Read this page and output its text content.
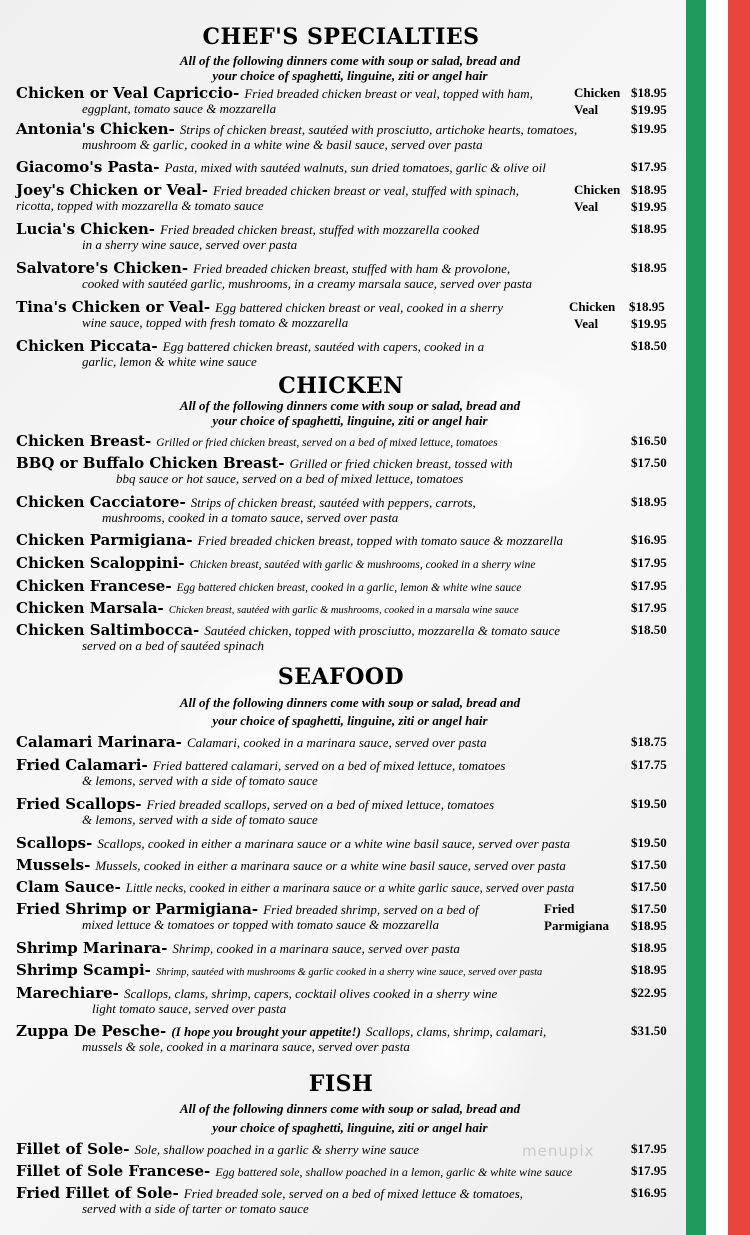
CHEF'S SPECIALTIES
All of the following dinners come with soup or salad, bread and
your choice of spaghetti, linguine, ziti or angel hair
Chicken or Veal Capriccio- Fried breaded chicken breast or veal, topped with ham,
eggplant, tomato sauce & mozzarella
Chicken $18.95
Veal	$19.95
Antonia's Chicken- Strips of chicken breast, sautéed with prosciutto, artichoke hearts, tomatoes,
mushroom & garlic, cooked in a white wine & basil sauce, served over pasta
$19.95
Giacomo's Pasta- Pasta, mixed with sautéed walnuts, sun dried tomatoes, garlic & olive oil	$17.95
Joey's Chicken or Veal- Fried breaded chicken breast or veal, stuffed with spinach,
ricotta, topped with mozzarella & tomato sauce
Chicken $18.95
Veal	$19.95
Lucia's Chicken- Fried breaded chicken breast, stuffed with mozzarella cooked
in a sherry wine sauce, served over pasta
$18.95
Salvatore's Chicken- Fried breaded chicken breast, stuffed with ham & provolone,
cooked with sautéed garlic, mushrooms, in a creamy marsala sauce, served over pasta
$18.95
Tina's Chicken or Veal- Egg battered chicken breast or veal, cooked in a sherry
wine sauce, topped with fresh tomato & mozzarella
Chicken $18.95
Veal	$19.95
Chicken Piccata- Egg battered chicken breast, sautéed with capers, cooked in a
garlic, lemon & white wine sauce
$18.50
CHICKEN
All of the following dinners come with soup or salad, bread and
your choice of spaghetti, linguine, ziti or angel hair
Chicken Breast- Grilled or fried chicken breast, served on a bed of mixed lettuce, tomatoes	$16.50
BBQ or Buffalo Chicken Breast- Grilled or fried chicken breast, tossed with
bbq sauce or hot sauce, served on a bed of mixed lettuce, tomatoes
$17.50
Chicken Cacciatore- Strips of chicken breast, sautéed with peppers, carrots,
mushrooms, cooked in a tomato sauce, served over pasta
$18.95
Chicken Parmigiana- Fried breaded chicken breast, topped with tomato sauce & mozzarella	$16.95
Chicken Scaloppini- Chicken breast, sautéed with garlic & mushrooms, cooked in a sherry wine	$17.95
Chicken Francese- Egg battered chicken breast, cooked in a garlic, lemon & white wine sauce	$17.95
Chicken Marsala- Chicken breast, sautéed with garlic & mushrooms, cooked in a marsala wine sauce	$17.95
Chicken Saltimbocca- Sautéed chicken, topped with prosciutto, mozzarella & tomato sauce
served on a bed of sautéed spinach
$18.50
SEAFOOD
All of the following dinners come with soup or salad, bread and
your choice of spaghetti, linguine, ziti or angel hair
Calamari Marinara- Calamari, cooked in a marinara sauce, served over pasta	$18.75
Fried Calamari- Fried battered calamari, served on a bed of mixed lettuce, tomatoes
& lemons, served with a side of tomato sauce
$17.75
Fried Scallops- Fried breaded scallops, served on a bed of mixed lettuce, tomatoes
& lemons, served with a side of tomato sauce
$19.50
Scallops- Scallops, cooked in either a marinara sauce or a white wine basil sauce, served over pasta	$19.50
Mussels- Mussels, cooked in either a marinara sauce or a white wine basil sauce, served over pasta	$17.50
Clam Sauce- Little necks, cooked in either a marinara sauce or a white garlic sauce, served over pasta	$17.50
Fried Shrimp or Parmigiana- Fried breaded shrimp, served on a bed of
mixed lettuce & tomatoes or topped with tomato sauce & mozzarella
Fried	$17.50
Parmigiana $18.95
Shrimp Marinara- Shrimp, cooked in a marinara sauce, served over pasta	$18.95
Shrimp Scampi- Shrimp, sautéed with mushrooms & garlic cooked in a sherry wine sauce, served over pasta	$18.95
Marechiare- Scallops, clams, shrimp, capers, cocktail olives cooked in a sherry wine
light tomato sauce, served over pasta
$22.95
Zuppa De Pesche- (I hope you brought your appetite!) Scallops, clams, shrimp, calamari,
mussels & sole, cooked in a marinara sauce, served over pasta
$31.50
FISH
All of the following dinners come with soup or salad, bread and
your choice of spaghetti, linguine, ziti or angel hair
Fillet of Sole- Sole, shallow poached in a garlic & sherry wine sauce	$17.95
Fillet of Sole Francese- Egg battered sole, shallow poached in a lemon, garlic & white wine sauce	$17.95
Fried Fillet of Sole- Fried breaded sole, served on a bed of mixed lettuce & tomatoes,
served with a side of tarter or tomato sauce
$16.95
menupix
